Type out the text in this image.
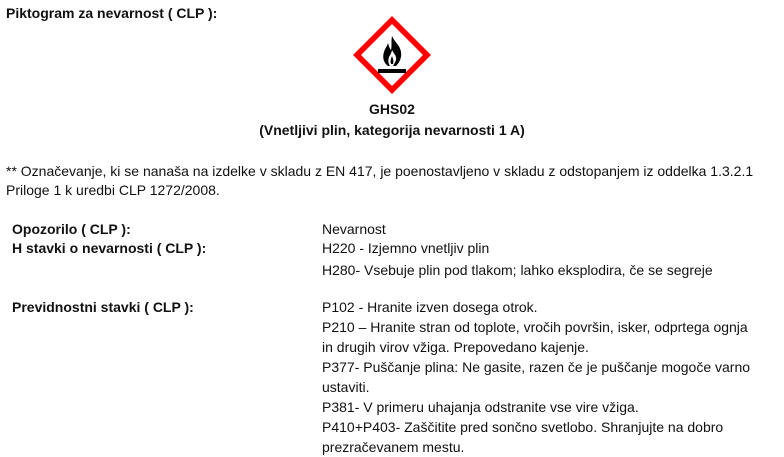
Piktogram za nevarnost ( CLP ):
GHS02
(Vnetljivi plin, kategorija nevarnosti 1 A)
** Označevanje, ki se nanaša na izdelke v skladu z EN 417, je poenostavljeno v skladu z odstopanjem iz oddelka 1.3.2.1 Priloge 1 k uredbi CLP 1272/2008.
Opozorilo ( CLP ):	Nevarnost
H stavki o nevarnosti ( CLP ):	H220 - Izjemno vnetljiv plin
H280- Vsebuje plin pod tlakom; lahko eksplodira, če se segreje
Previdnostni stavki ( CLP ):	P102 - Hranite izven dosega otrok.
P210 – Hranite stran od toplote, vročih površin, isker, odprtega ognja in drugih virov vžiga. Prepovedano kajenje.
P377- Puščanje plina: Ne gasite, razen če je puščanje mogoče varno ustaviti.
P381- V primeru uhajanja odstranite vse vire vžiga.
P410+P403- Zaščitite pred sončno svetlobo. Shranjujte na dobro prezračevanem mestu.
